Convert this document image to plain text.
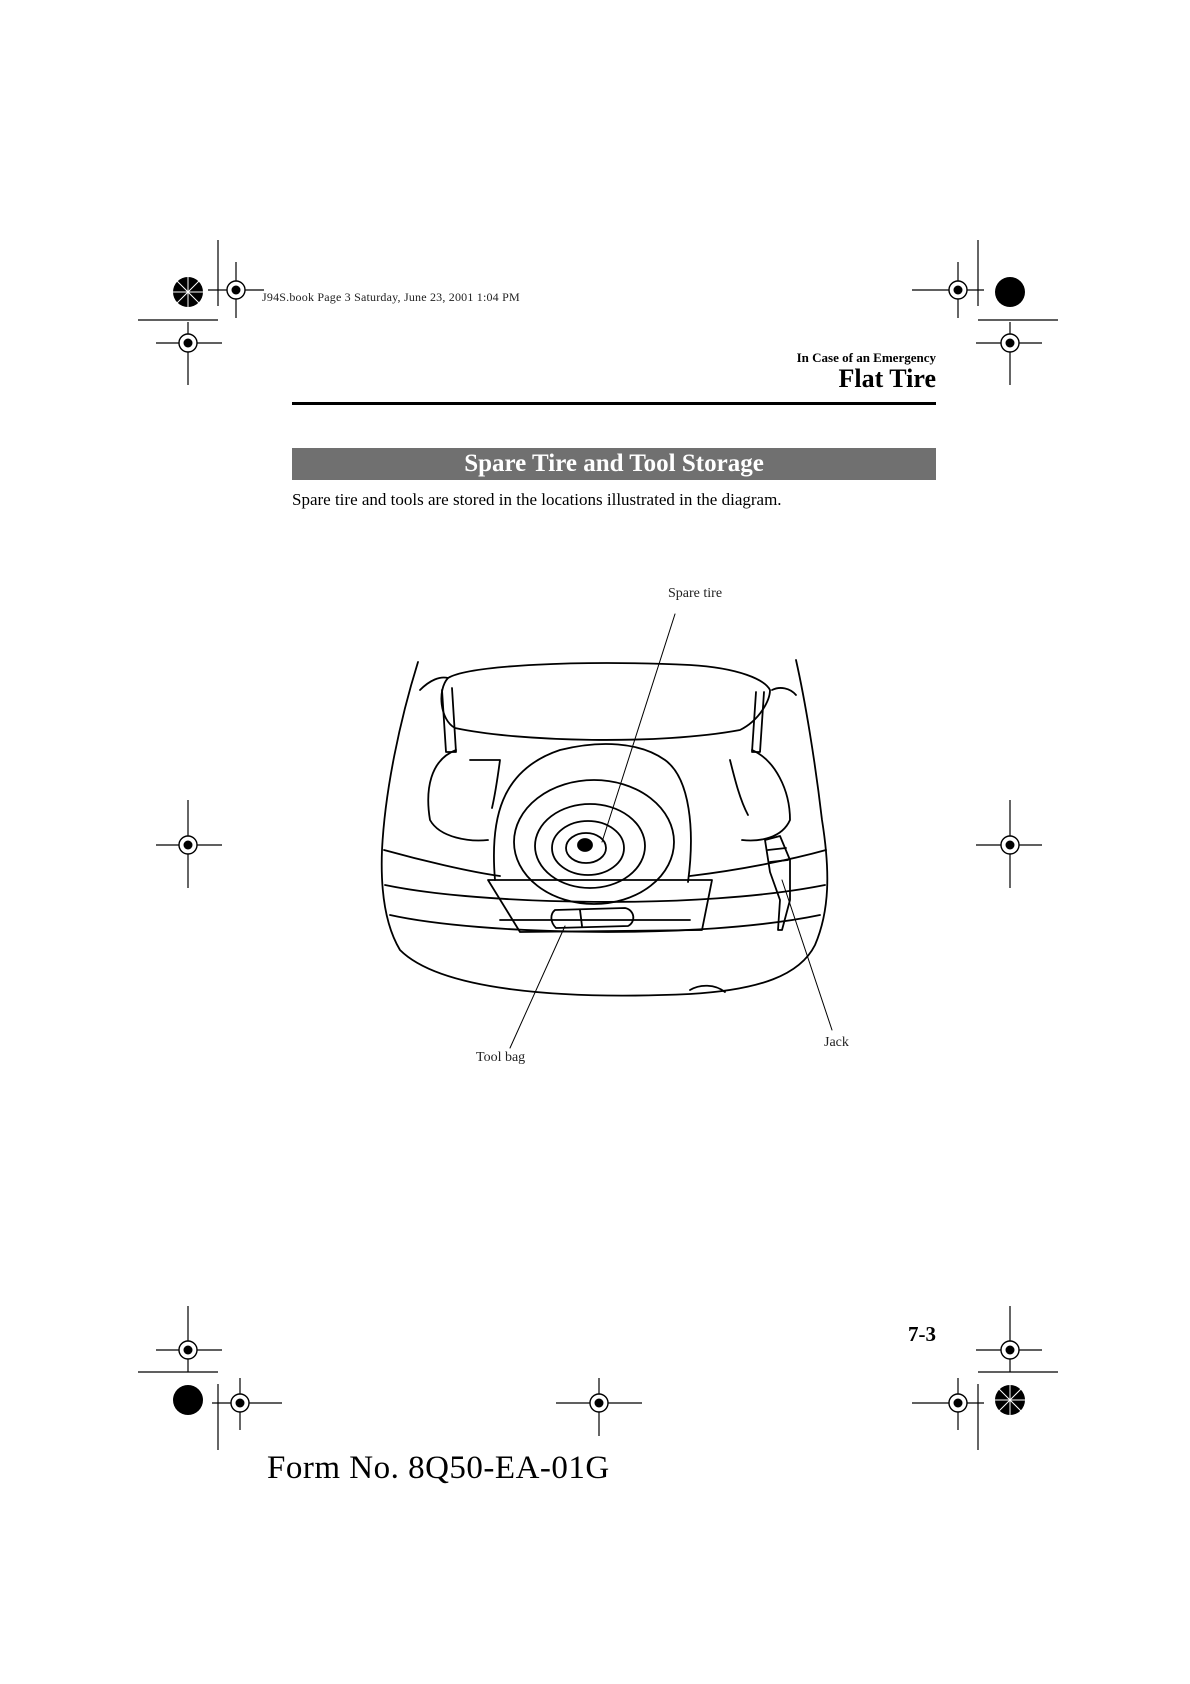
J94S.book Page 3 Saturday, June 23, 2001 1:04 PM
In Case of an Emergency
Flat Tire
Spare Tire and Tool Storage
Spare tire and tools are stored in the locations illustrated in the diagram.
Spare tire
Tool bag
Jack
7-3
Form No. 8Q50-EA-01G
